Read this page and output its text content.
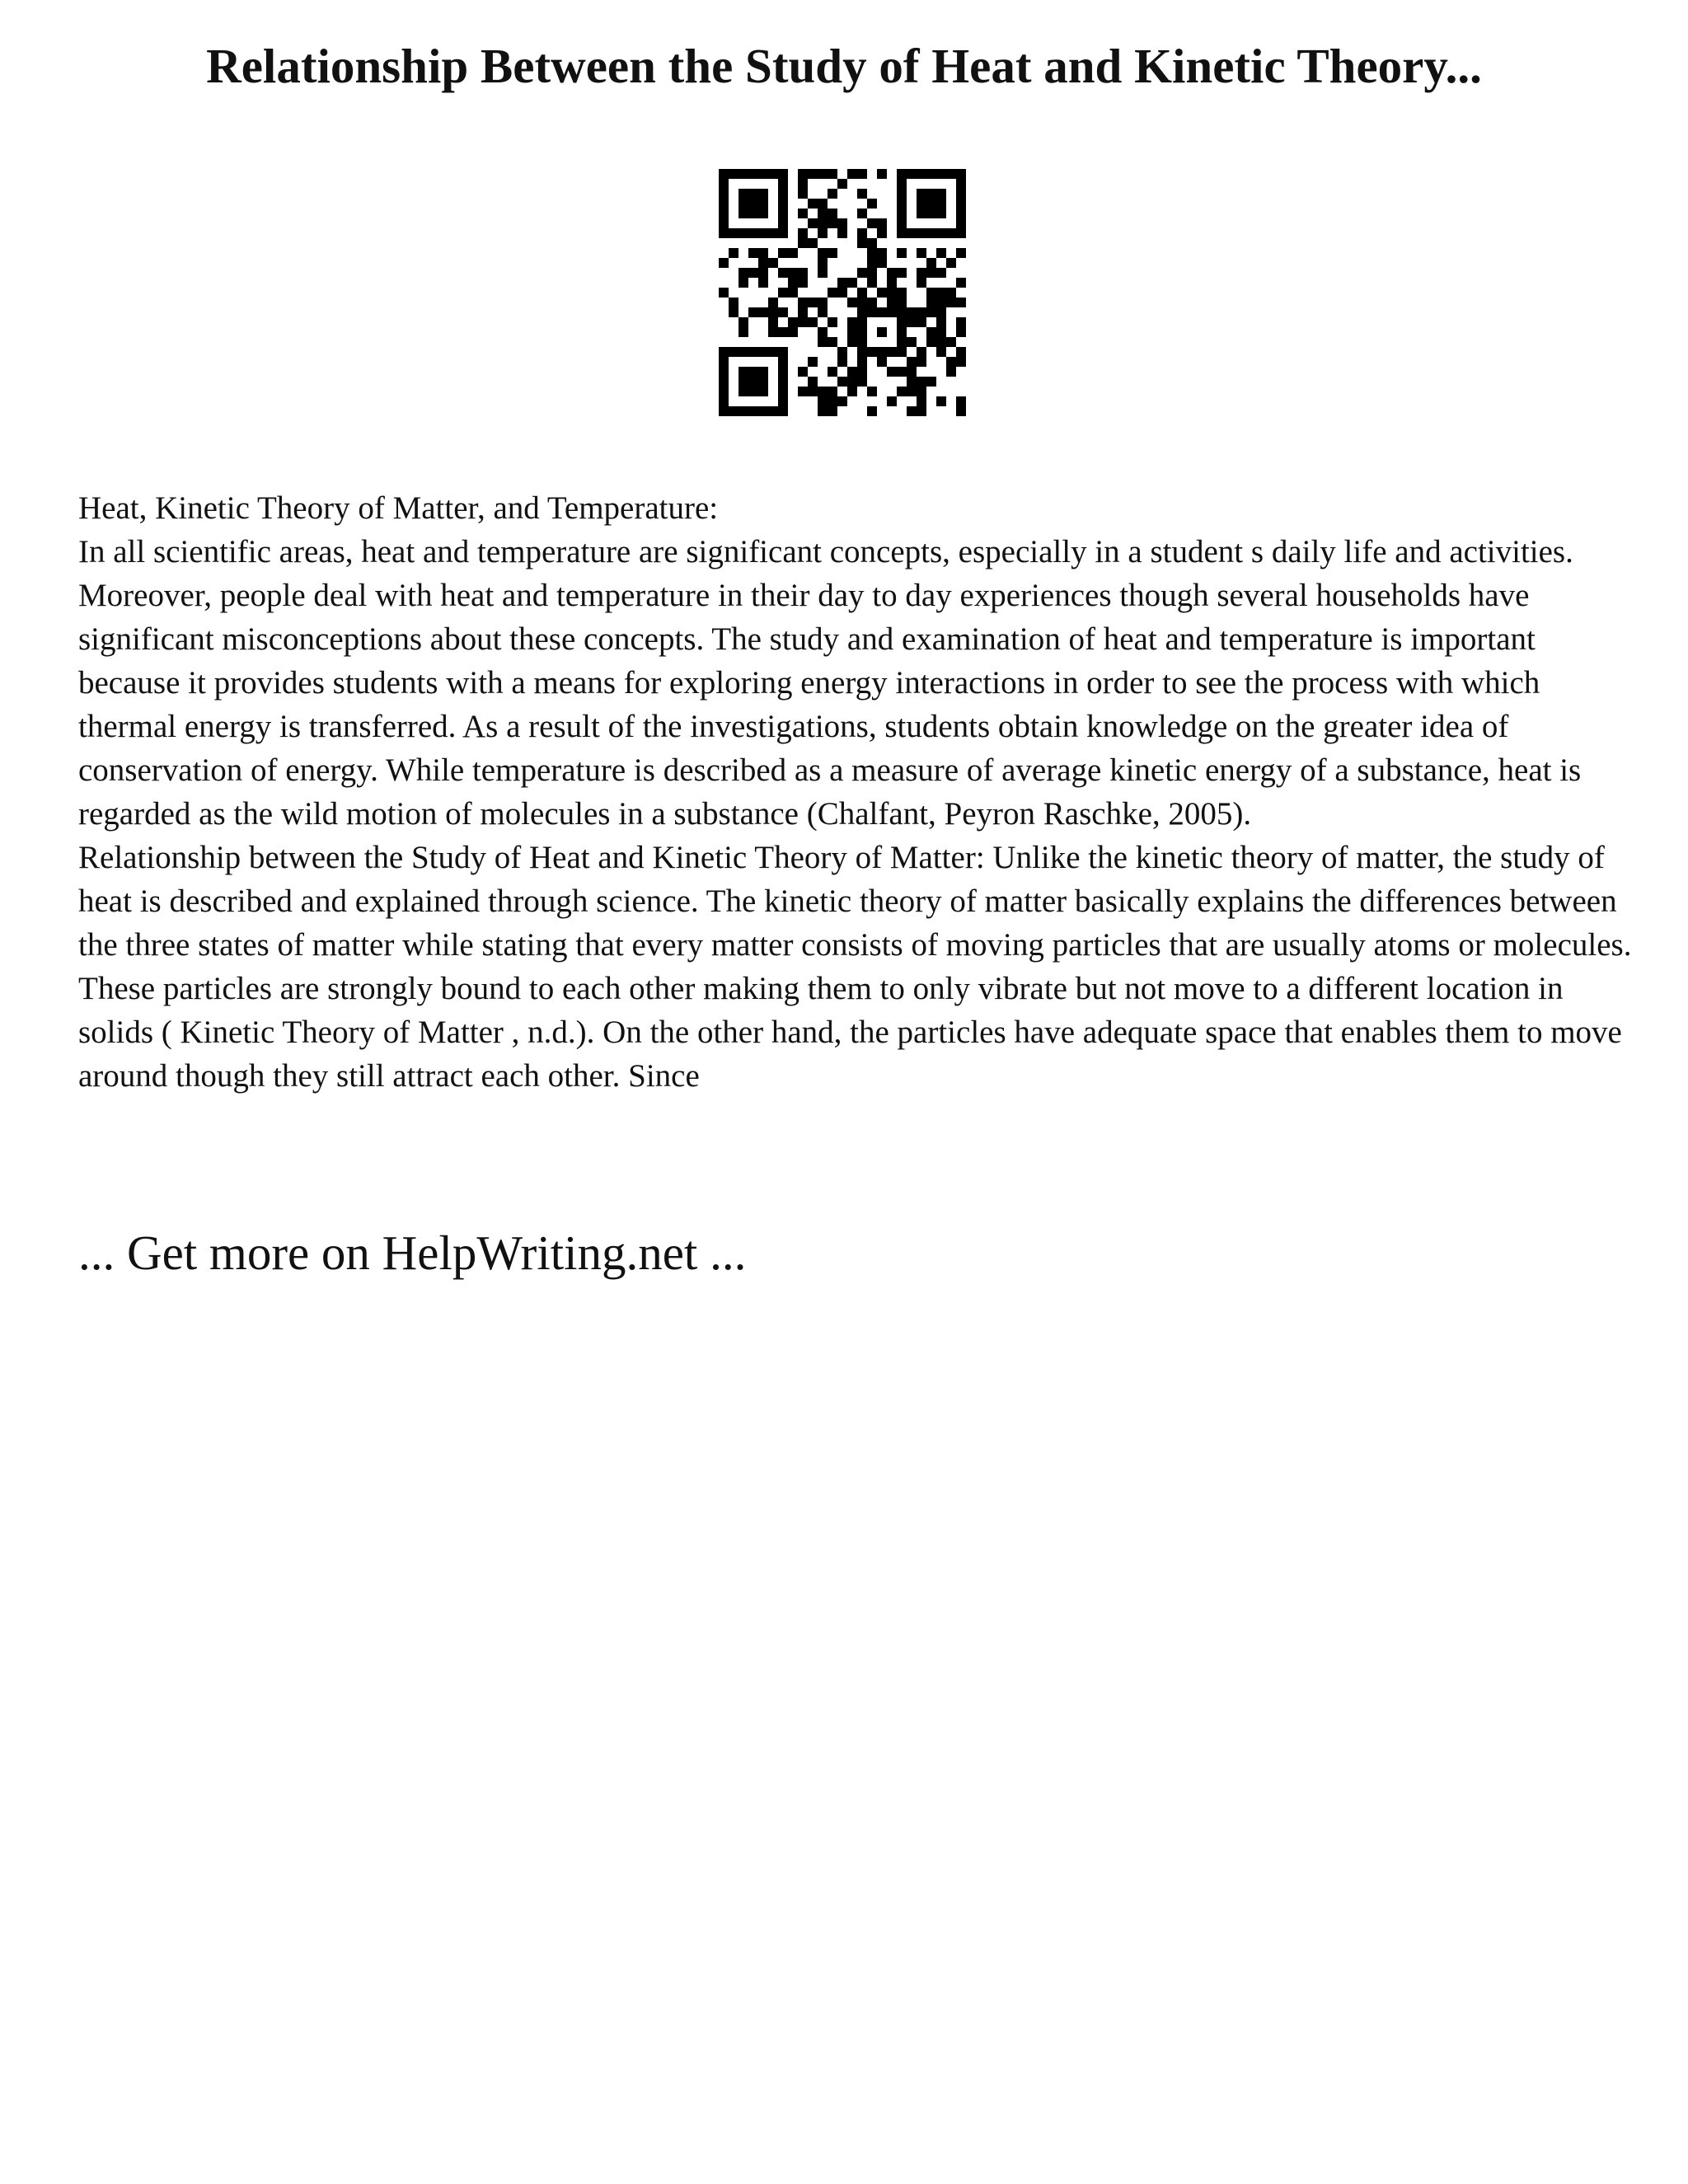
Relationship Between the Study of Heat and Kinetic Theory...

Heat, Kinetic Theory of Matter, and Temperature:

In all scientific areas, heat and temperature are significant concepts, especially in a student s daily life and activities. Moreover, people deal with heat and temperature in their day to day experiences though several households have significant misconceptions about these concepts. The study and examination of heat and temperature is important because it provides students with a means for exploring energy interactions in order to see the process with which thermal energy is transferred. As a result of the investigations, students obtain knowledge on the greater idea of conservation of energy. While temperature is described as a measure of average kinetic energy of a substance, heat is regarded as the wild motion of molecules in a substance (Chalfant, Peyron Raschke, 2005).

Relationship between the Study of Heat and Kinetic Theory of Matter: Unlike the kinetic theory of matter, the study of heat is described and explained through science. The kinetic theory of matter basically explains the differences between the three states of matter while stating that every matter consists of moving particles that are usually atoms or molecules. These particles are strongly bound to each other making them to only vibrate but not move to a different location in solids ( Kinetic Theory of Matter , n.d.). On the other hand, the particles have adequate space that enables them to move around though they still attract each other. Since

... Get more on HelpWriting.net ...
